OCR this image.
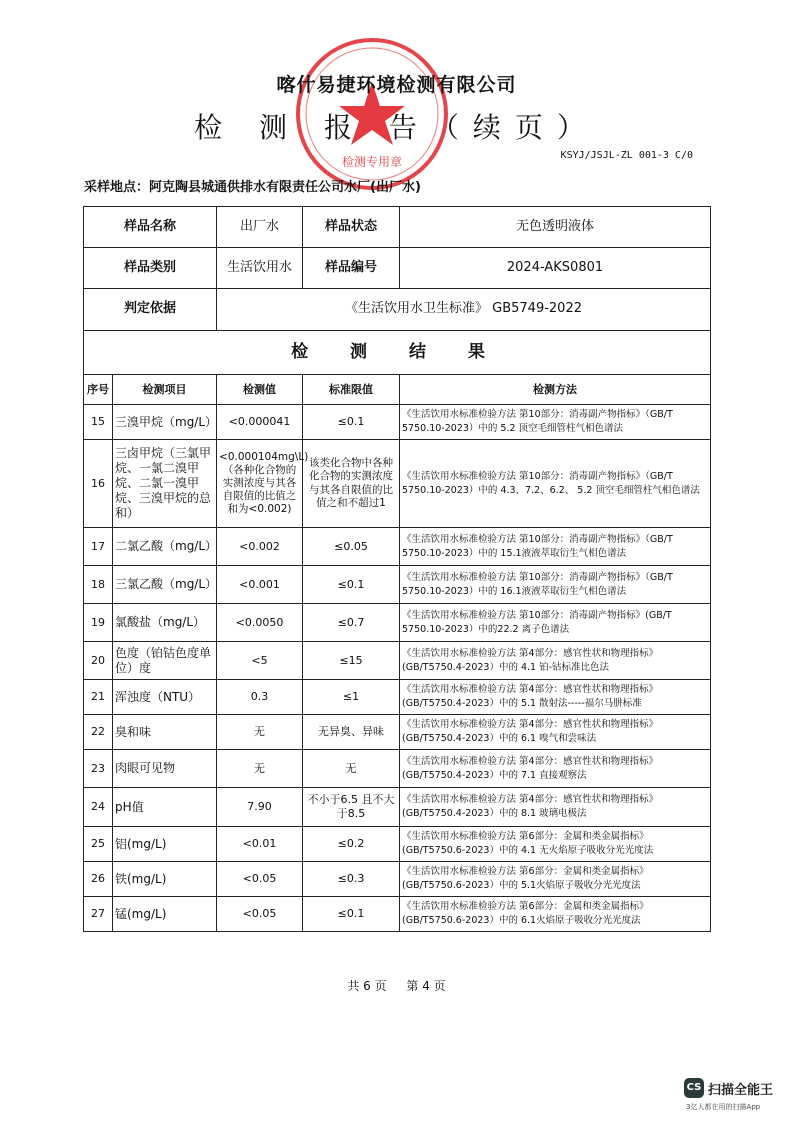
检测专用章
喀什易捷环境检测有限公司
检 测 报 告（续页）
KSYJ/JSJL-ZL 001-3 C/0
采样地点：阿克陶县城通供排水有限责任公司水厂(出厂水)
样品名称		出厂水	样品状态	无色透明液体
样品类别		生活饮用水	样品编号	2024-AKS0801
判定依据		《生活饮用水卫生标准》 GB5749-2022		
检 测 结 果				
序号	检测项目	检测值	标准限值	检测方法
15	三溴甲烷（mg/L）	<0.000041	≤0.1	《生活饮用水标准检验方法 第10部分：消毒副产物指标》（GB/T 5750.10-2023）中的 5.2 顶空毛细管柱气相色谱法
16	三卤甲烷（三氯甲烷、一氯二溴甲烷、二氯一溴甲烷、三溴甲烷的总和）	<0.000104mg\L)（各种化合物的实测浓度与其各自限值的比值之和为<0.002)	该类化合物中各种化合物的实测浓度与其各自限值的比值之和不超过1	《生活饮用水标准检验方法 第10部分：消毒副产物指标》（GB/T 5750.10-2023）中的 4.3、7.2、6.2、 5.2 顶空毛细管柱气相色谱法
17	二氯乙酸（mg/L）	<0.002	≤0.05	《生活饮用水标准检验方法 第10部分：消毒副产物指标》（GB/T 5750.10-2023）中的 15.1液液萃取衍生气相色谱法
18	三氯乙酸（mg/L）	<0.001	≤0.1	《生活饮用水标准检验方法 第10部分：消毒副产物指标》（GB/T 5750.10-2023）中的 16.1液液萃取衍生气相色谱法
19	氯酸盐（mg/L）	<0.0050	≤0.7	《生活饮用水标准检验方法 第10部分：消毒副产物指标》(GB/T 5750.10-2023）中的22.2 离子色谱法
20	色度（铂钴色度单位）度	<5	≤15	《生活饮用水标准检验方法 第4部分：感官性状和物理指标》(GB/T5750.4-2023）中的 4.1 铂-钴标准比色法
21	浑浊度（NTU）	0.3	≤1	《生活饮用水标准检验方法 第4部分：感官性状和物理指标》(GB/T5750.4-2023）中的 5.1 散射法-----福尔马肼标准
22	臭和味	无	无异臭、异味	《生活饮用水标准检验方法 第4部分：感官性状和物理指标》(GB/T5750.4-2023）中的 6.1 嗅气和尝味法
23	肉眼可见物	无	无	《生活饮用水标准检验方法 第4部分：感官性状和物理指标》(GB/T5750.4-2023）中的 7.1 直接观察法
24	pH值	7.90	不小于6.5 且不大于8.5	《生活饮用水标准检验方法 第4部分：感官性状和物理指标》(GB/T5750.4-2023）中的 8.1 玻璃电极法
25	铝(mg/L)	<0.01	≤0.2	《生活饮用水标准检验方法 第6部分：金属和类金属指标》(GB/T5750.6-2023）中的 4.1 无火焰原子吸收分光光度法
26	铁(mg/L)	<0.05	≤0.3	《生活饮用水标准检验方法 第6部分：金属和类金属指标》(GB/T5750.6-2023）中的 5.1火焰原子吸收分光光度法
27	锰(mg/L)	<0.05	≤0.1	《生活饮用水标准检验方法 第6部分：金属和类金属指标》(GB/T5750.6-2023）中的 6.1火焰原子吸收分光光度法
共 6 页 第 4 页
CS 扫描全能王
3亿人都在用的扫描App
